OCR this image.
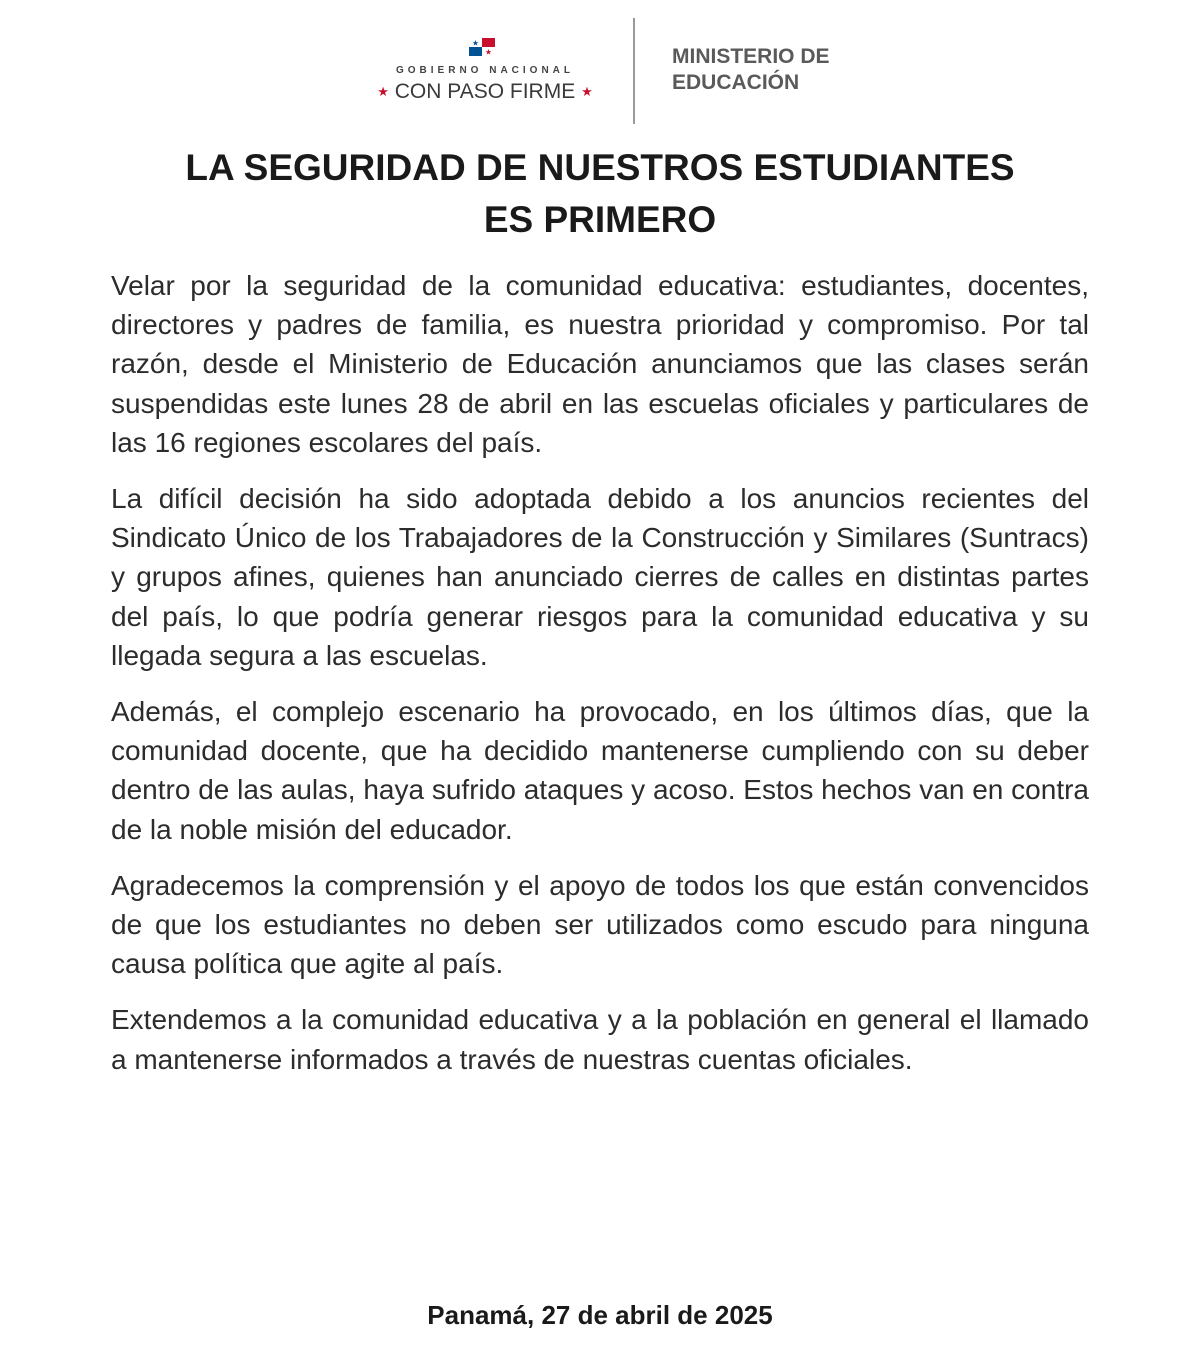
GOBIERNO NACIONAL
★ CON PASO FIRME ★
MINISTERIO DE
EDUCACIÓN
LA SEGURIDAD DE NUESTROS ESTUDIANTES
ES PRIMERO

Velar por la seguridad de la comunidad educativa: estudiantes, docentes, directores y padres de familia, es nuestra prioridad y compromiso. Por tal razón, desde el Ministerio de Educación anunciamos que las clases serán suspendidas este lunes 28 de abril en las escuelas oficiales y particulares de las 16 regiones escolares del país.

La difícil decisión ha sido adoptada debido a los anuncios recientes del Sindicato Único de los Trabajadores de la Construcción y Similares (Suntracs) y grupos afines, quienes han anunciado cierres de calles en distintas partes del país, lo que podría generar riesgos para la comunidad educativa y su llegada segura a las escuelas.

Además, el complejo escenario ha provocado, en los últimos días, que la comunidad docente, que ha decidido mantenerse cumpliendo con su deber dentro de las aulas, haya sufrido ataques y acoso. Estos hechos van en contra de la noble misión del educador.

Agradecemos la comprensión y el apoyo de todos los que están convencidos de que los estudiantes no deben ser utilizados como escudo para ninguna causa política que agite al país.

Extendemos a la comunidad educativa y a la población en general el llamado a mantenerse informados a través de nuestras cuentas oficiales.

Panamá, 27 de abril de 2025
